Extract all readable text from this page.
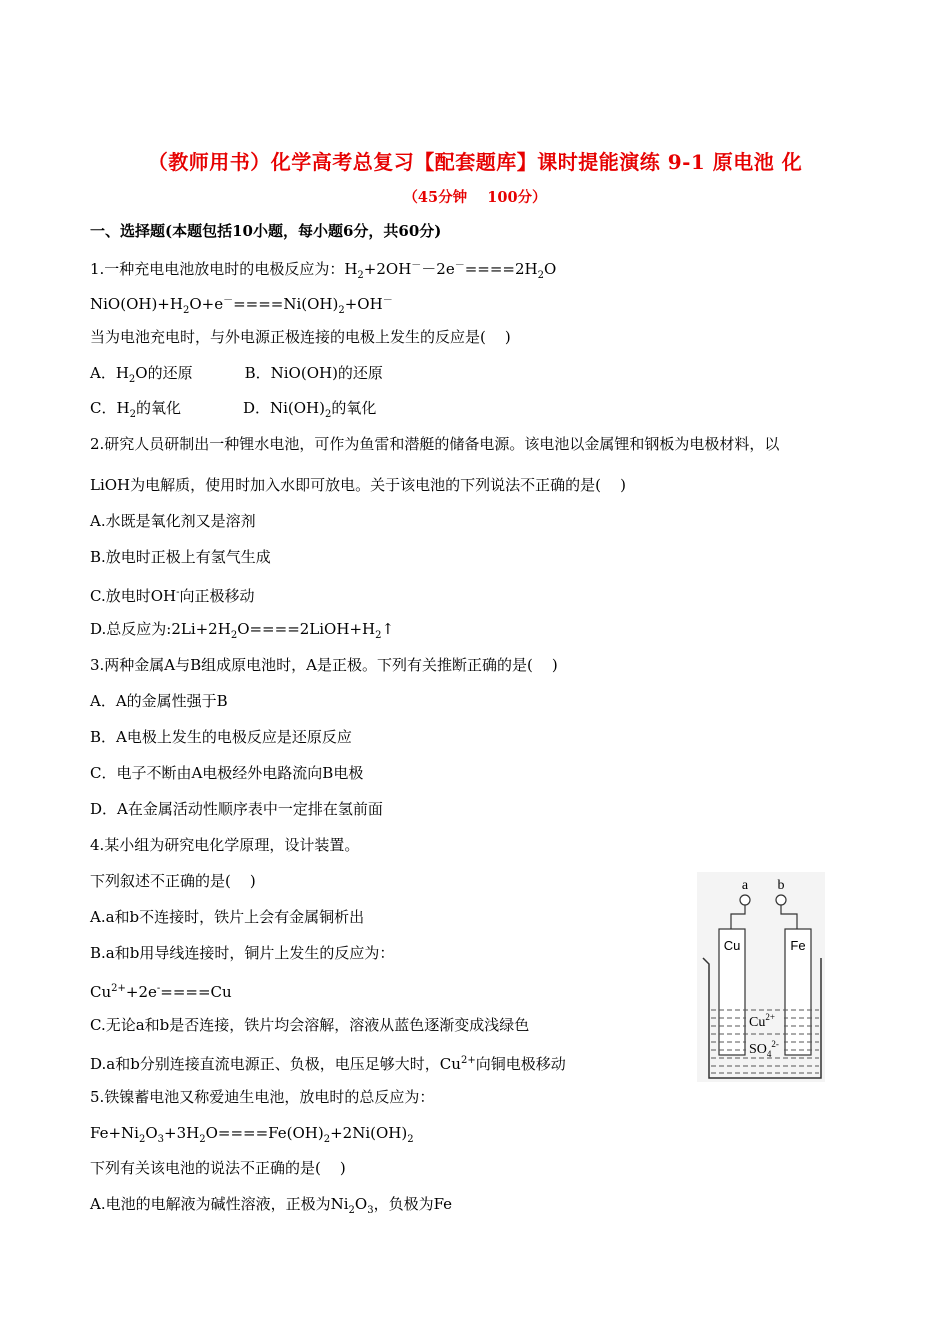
（教师用书）化学高考总复习【配套题库】课时提能演练 9-1 原电池 化
（45分钟    100分）
一、选择题(本题包括10小题，每小题6分，共60分)
1.一种充电电池放电时的电极反应为：$H_2+2OH^--2e^-====2H_2O$
$NiO(OH)+H_2O+e^-====Ni(OH)_2+OH^-$
当为电池充电时，与外电源正极连接的电极上发生的反应是(    )
A．$H_2O$的还原	B．NiO(OH)的还原
C．$H_2$的氧化	D．$Ni(OH)_2$的氧化
2.研究人员研制出一种锂水电池，可作为鱼雷和潜艇的储备电源。该电池以金属锂和钢板为电极材料，以
LiOH为电解质，使用时加入水即可放电。关于该电池的下列说法不正确的是(    )
A.水既是氧化剂又是溶剂
B.放电时正极上有氢气生成
C.放电时OH-向正极移动
D.总反应为$:2Li+2H_2O====2LiOH+H_2↑$
3.两种金属A与B组成原电池时，A是正极。下列有关推断正确的是(    )
A．A的金属性强于B
B．A电极上发生的电极反应是还原反应
C．电子不断由A电极经外电路流向B电极
D．A在金属活动性顺序表中一定排在氢前面
4.某小组为研究电化学原理，设计装置。
下列叙述不正确的是(    )
A.a和b不连接时，铁片上会有金属铜析出
B.a和b用导线连接时，铜片上发生的反应为：
$Cu^{2+}+2e^-====Cu$
C.无论a和b是否连接，铁片均会溶解，溶液从蓝色逐渐变成浅绿色
D.a和b分别连接直流电源正、负极，电压足够大时，$Cu^{2+}$向铜电极移动
a b
Cu	Fe
$Cu^{2+}$
$SO_4^{2-}$
5.铁镍蓄电池又称爱迪生电池，放电时的总反应为：
$Fe+Ni_2O_3+3H_2O====Fe(OH)_2+2Ni(OH)_2$
下列有关该电池的说法不正确的是(    )
A.电池的电解液为碱性溶液，正极为$Ni_2O_3$，负极为Fe
